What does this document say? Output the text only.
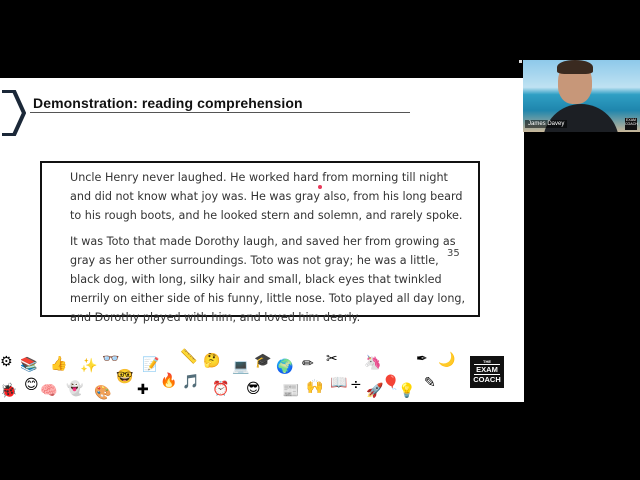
Demonstration: reading comprehension

Uncle Henry never laughed. He worked hard from morning till night and did not know what joy was. He was gray also, from his long beard to his rough boots, and he looked stern and solemn, and rarely spoke.

It was Toto that made Dorothy laugh, and saved her from growing as gray as her other surroundings. Toto was not gray; he was a little, black dog, with long, silky hair and small, black eyes that twinkled merrily on either side of his funny, little nose. Toto played all day long, and Dorothy played with him, and loved him dearly.

35
⚙ 📚 👍 ✨ 👓 📝 📏 🤔 💻 🎓 🌍 ✏ ✂ 🦄 ✒ 🌙
🐞 😊 🧠 👻 🎨
🤓
✚
🔥 🎵 ⏰ 😎 📰 🙌 📖 ÷ 🚀
🎈
💡 ✎
THE
EXAM
COACH
James Davey
EXAM COACH
